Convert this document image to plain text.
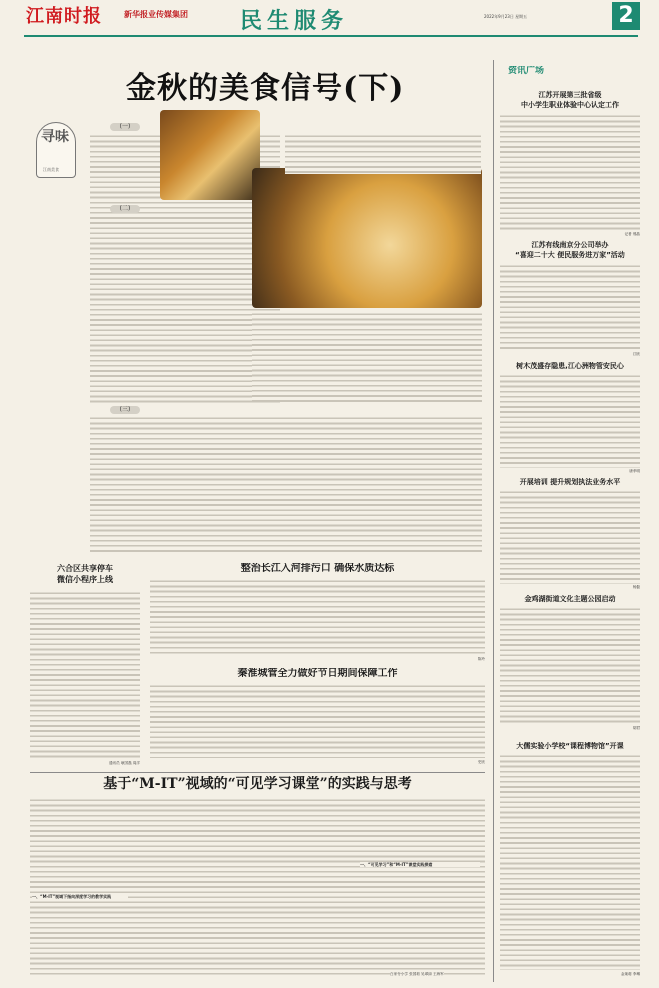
江南时报	新华报业传媒集团 民生服务	2022年9月23日 星期五	2
金秋的美食信号(下)
寻味
江南美食
(一)
(二)
(三)
六合区共享停车
微信小程序上线
通讯员 耿国磊 周洋
整治长江入河排污口 确保水质达标
陈玲
秦淮城管全力做好节日期间保障工作
史欣
基于“M-IT”视域的“可见学习课堂”的实践与思考
一、“M-IT”视域下指向深度学习的教学实践
一、“可见学习”和“M-IT”课堂实践探索
白家寺小学 张国莉 吴翠绿 王海军
资讯广场
江苏开展第三批省级
中小学生职业体验中心认定工作
记者 邢晶
江苏有线南京分公司举办
“喜迎二十大 便民服务进万家”活动
江欣
树木茂盛存隐患,江心洲物管安民心
唐孝明
开展培训 提升规划执法业务水平
杨磊
金鸡湖街道文化主题公园启动
胡君
大儒实验小学校“课程博物馆”开课
金莱莉 李琳
